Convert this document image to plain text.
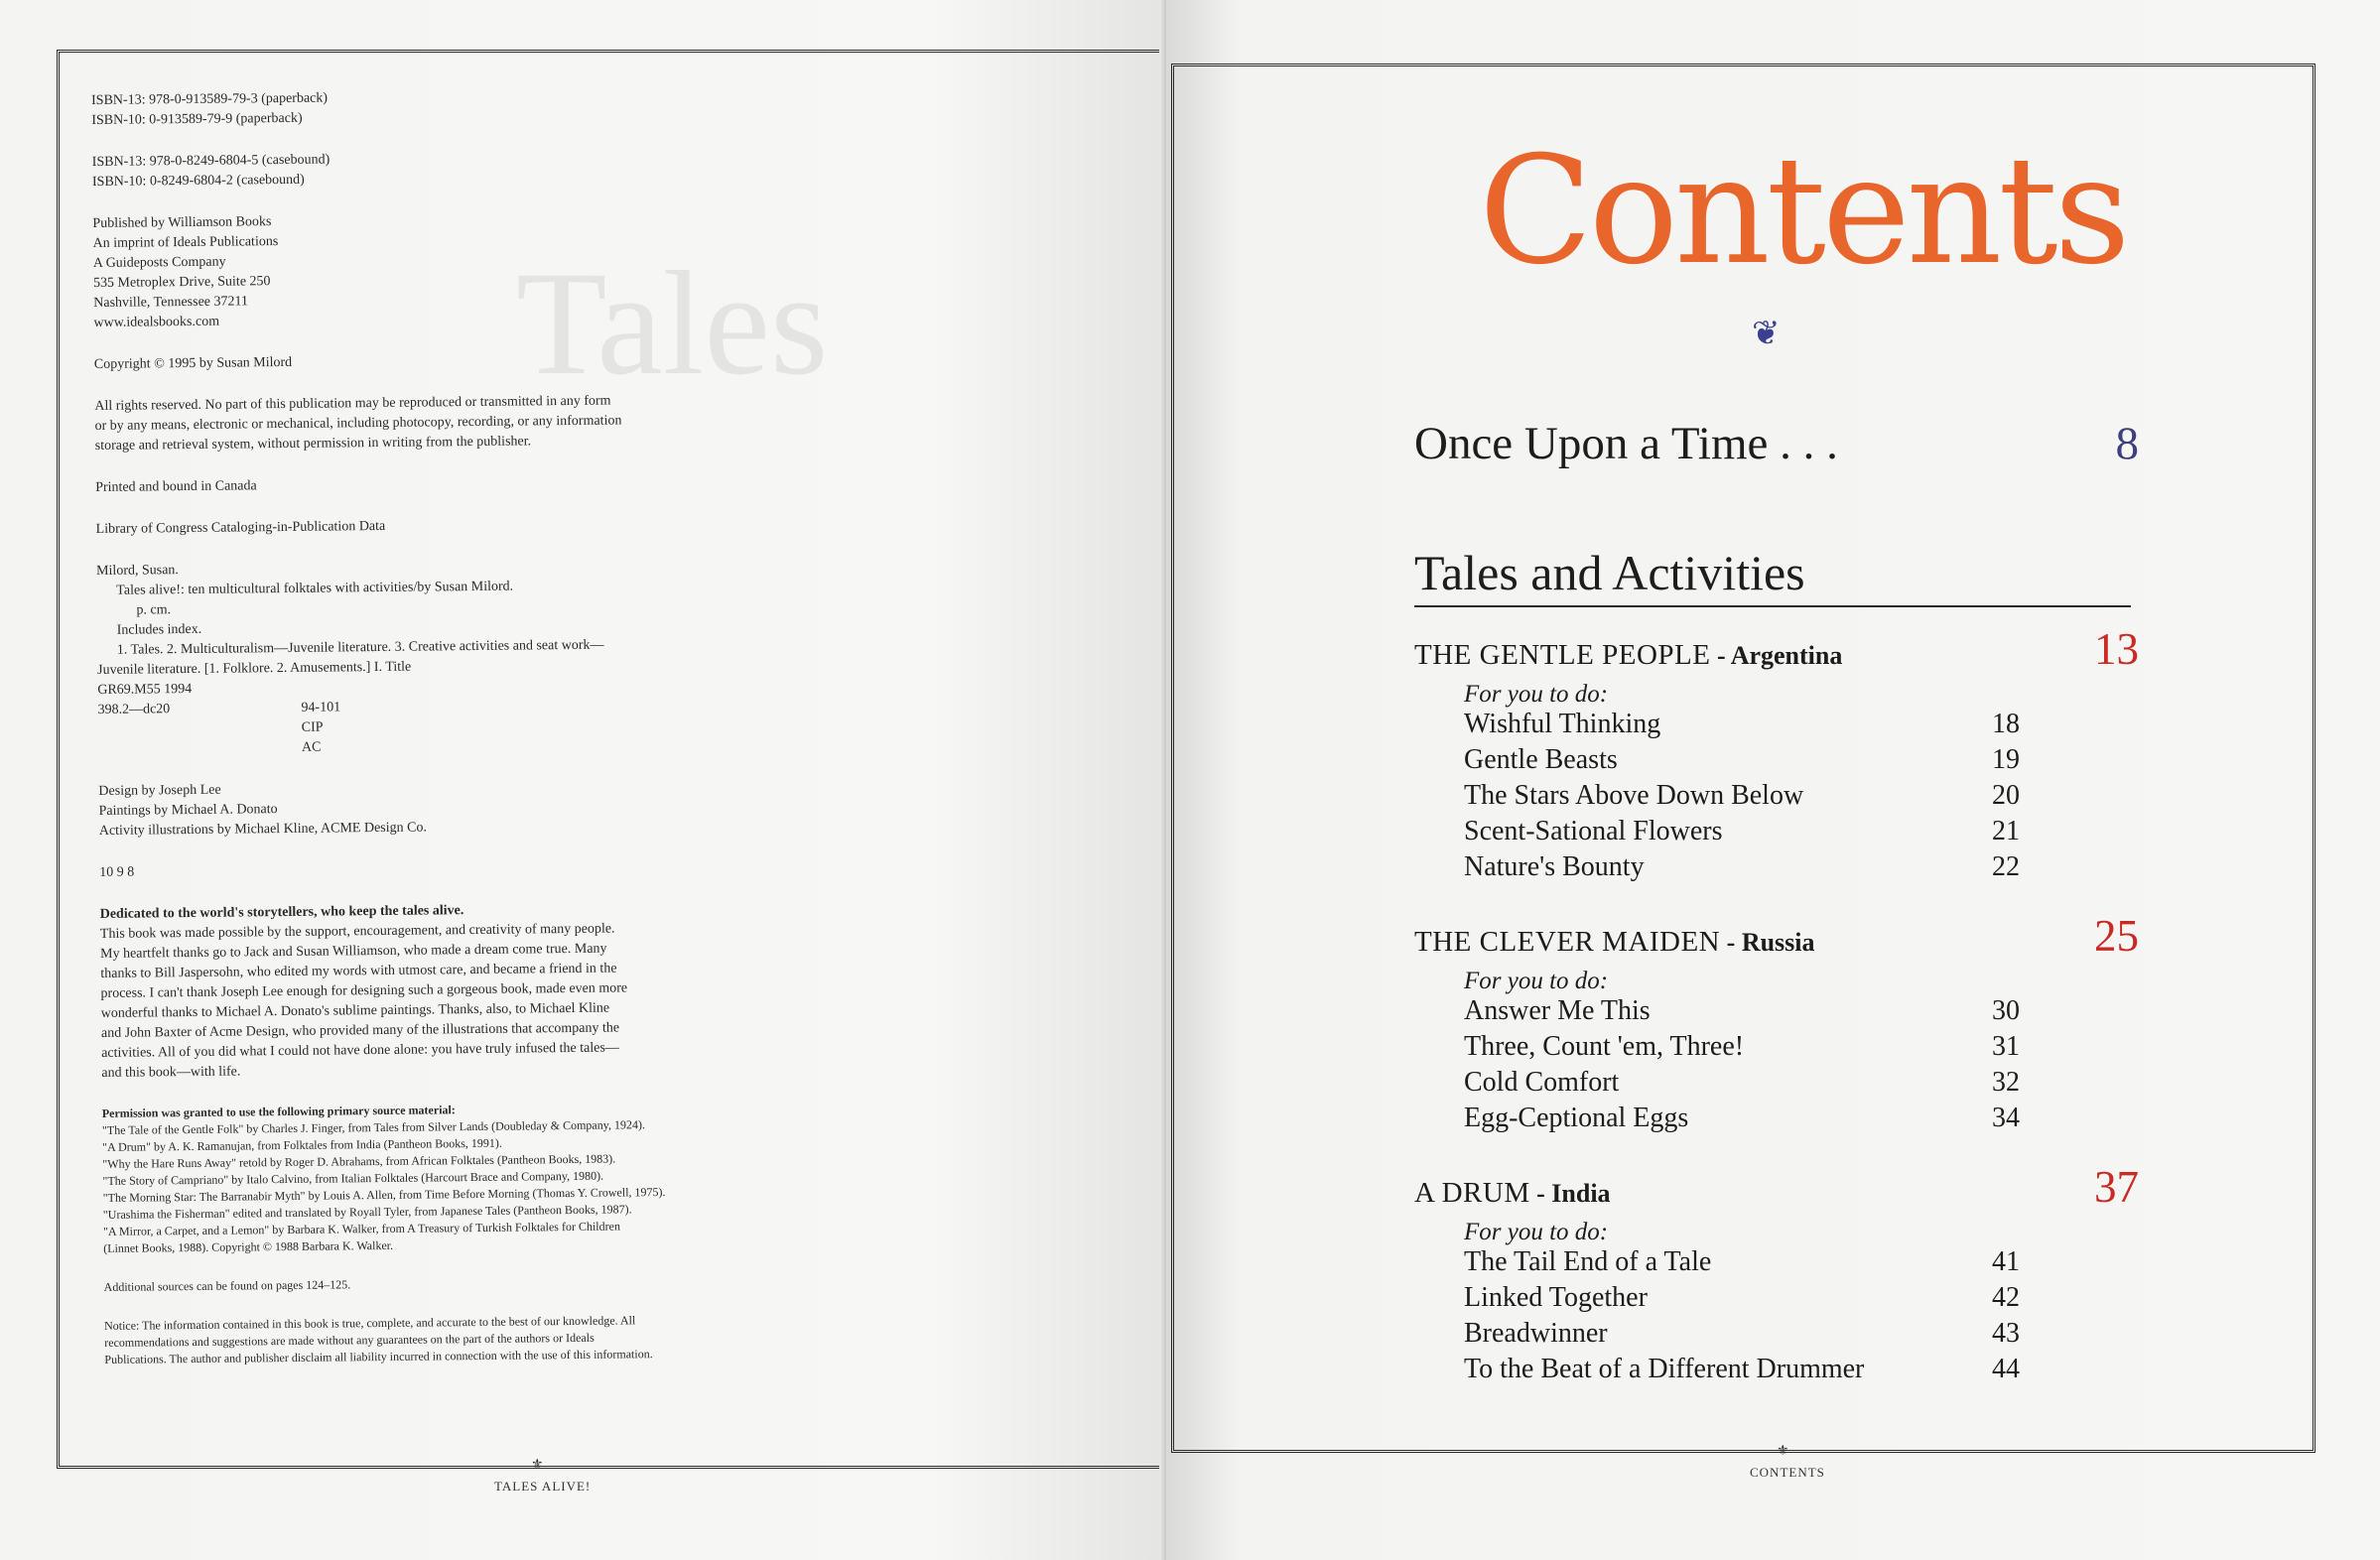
Tales
ISBN-13: 978-0-913589-79-3 (paperback)
ISBN-10: 0-913589-79-9 (paperback)
ISBN-13: 978-0-8249-6804-5 (casebound)
ISBN-10: 0-8249-6804-2 (casebound)
Published by Williamson Books
An imprint of Ideals Publications
A Guideposts Company
535 Metroplex Drive, Suite 250
Nashville, Tennessee 37211
www.idealsbooks.com
Copyright © 1995 by Susan Milord
All rights reserved. No part of this publication may be reproduced or transmitted in any form
or by any means, electronic or mechanical, including photocopy, recording, or any information
storage and retrieval system, without permission in writing from the publisher.
Printed and bound in Canada
Library of Congress Cataloging-in-Publication Data
Milord, Susan.
Tales alive!: ten multicultural folktales with activities/by Susan Milord.
p. cm.
Includes index.
1. Tales. 2. Multiculturalism—Juvenile literature. 3. Creative activities and seat work—
Juvenile literature. [1. Folklore. 2. Amusements.] I. Title
GR69.M55 1994
398.2—dc20	94-101
CIP
AC
Design by Joseph Lee
Paintings by Michael A. Donato
Activity illustrations by Michael Kline, ACME Design Co.
10 9 8
Dedicated to the world's storytellers, who keep the tales alive.
This book was made possible by the support, encouragement, and creativity of many people.
My heartfelt thanks go to Jack and Susan Williamson, who made a dream come true. Many
thanks to Bill Jaspersohn, who edited my words with utmost care, and became a friend in the
process. I can't thank Joseph Lee enough for designing such a gorgeous book, made even more
wonderful thanks to Michael A. Donato's sublime paintings. Thanks, also, to Michael Kline
and John Baxter of Acme Design, who provided many of the illustrations that accompany the
activities. All of you did what I could not have done alone: you have truly infused the tales—
and this book—with life.
Permission was granted to use the following primary source material:
"The Tale of the Gentle Folk" by Charles J. Finger, from Tales from Silver Lands (Doubleday & Company, 1924).
"A Drum" by A. K. Ramanujan, from Folktales from India (Pantheon Books, 1991).
"Why the Hare Runs Away" retold by Roger D. Abrahams, from African Folktales (Pantheon Books, 1983).
"The Story of Campriano" by Italo Calvino, from Italian Folktales (Harcourt Brace and Company, 1980).
"The Morning Star: The Barranabir Myth" by Louis A. Allen, from Time Before Morning (Thomas Y. Crowell, 1975).
"Urashima the Fisherman" edited and translated by Royall Tyler, from Japanese Tales (Pantheon Books, 1987).
"A Mirror, a Carpet, and a Lemon" by Barbara K. Walker, from A Treasury of Turkish Folktales for Children
(Linnet Books, 1988). Copyright © 1988 Barbara K. Walker.
Additional sources can be found on pages 124–125.
Notice: The information contained in this book is true, complete, and accurate to the best of our knowledge. All
recommendations and suggestions are made without any guarantees on the part of the authors or Ideals
Publications. The author and publisher disclaim all liability incurred in connection with the use of this information.
⚜
TALES ALIVE!
⚜
CONTENTS
Contents
❦
Once Upon a Time . . .	8
Tales and Activities
THE GENTLE PEOPLE - Argentina	13
For you to do:
Wishful Thinking	18
Gentle Beasts	19
The Stars Above Down Below	20
Scent-Sational Flowers	21
Nature's Bounty	22
THE CLEVER MAIDEN - Russia	25
For you to do:
Answer Me This	30
Three, Count 'em, Three!	31
Cold Comfort	32
Egg-Ceptional Eggs	34
A DRUM - India	37
For you to do:
The Tail End of a Tale	41
Linked Together	42
Breadwinner	43
To the Beat of a Different Drummer	44
